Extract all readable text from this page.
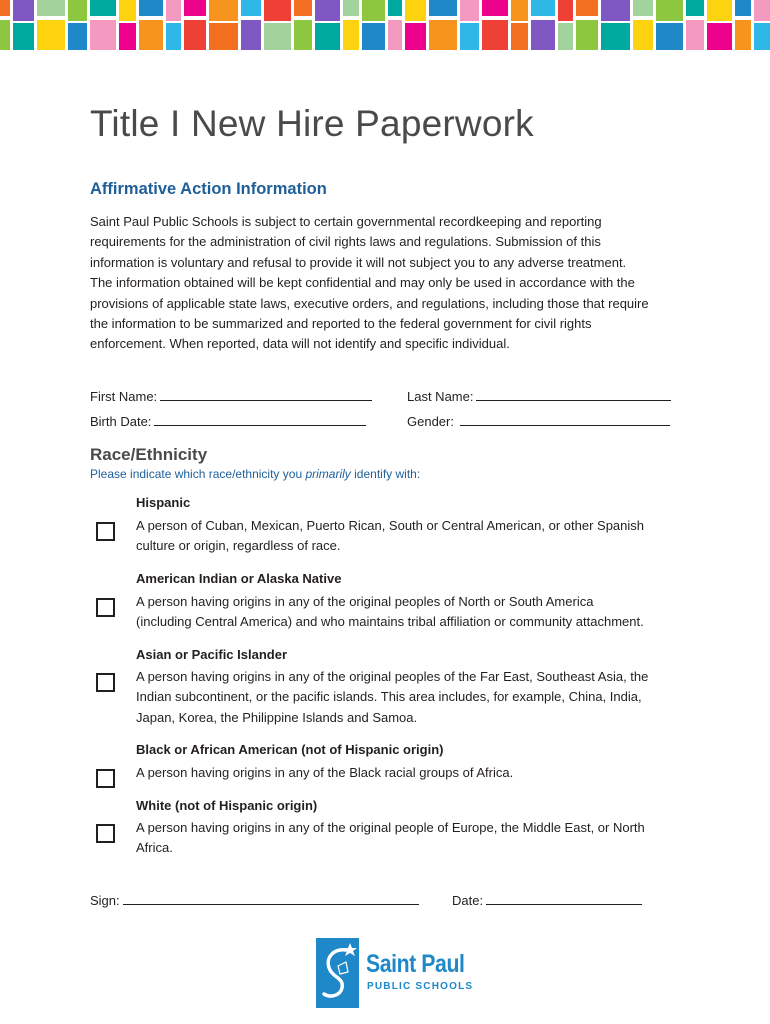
Title I New Hire Paperwork
Affirmative Action Information
Saint Paul Public Schools is subject to certain governmental recordkeeping and reporting
requirements for the administration of civil rights laws and regulations. Submission of this
information is voluntary and refusal to provide it will not subject you to any adverse treatment.
The information obtained will be kept confidential and may only be used in accordance with the
provisions of applicable state laws, executive orders, and regulations, including those that require
the information to be summarized and reported to the federal government for civil rights
enforcement. When reported, data will not identify and specific individual.
First Name:	Last Name:
Birth Date:	Gender:
Race/Ethnicity
Please indicate which race/ethnicity you primarily identify with:
Hispanic
A person of Cuban, Mexican, Puerto Rican, South or Central American, or other Spanish
culture or origin, regardless of race.
American Indian or Alaska Native
A person having origins in any of the original peoples of North or South America
(including Central America) and who maintains tribal affiliation or community attachment.
Asian or Pacific Islander
A person having origins in any of the original peoples of the Far East, Southeast Asia, the
Indian subcontinent, or the pacific islands. This area includes, for example, China, India,
Japan, Korea, the Philippine Islands and Samoa.
Black or African American (not of Hispanic origin)
A person having origins in any of the Black racial groups of Africa.
White (not of Hispanic origin)
A person having origins in any of the original people of Europe, the Middle East, or North
Africa.
Sign:	Date:
Saint Paul
PUBLIC SCHOOLS
